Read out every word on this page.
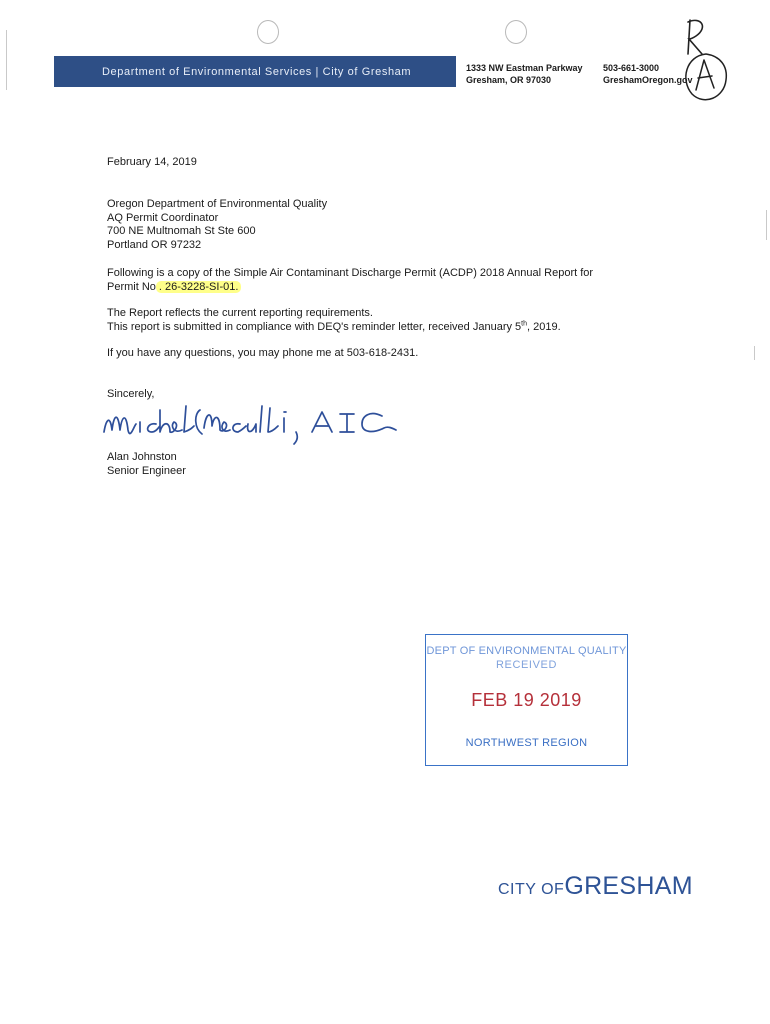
Department of Environmental Services | City of Gresham	1333 NW Eastman Parkway
Gresham, OR 97030
503-661-3000
GreshamOregon.gov
February 14, 2019
Oregon Department of Environmental Quality
AQ Permit Coordinator
700 NE Multnomah St Ste 600
Portland OR 97232
Following is a copy of the Simple Air Contaminant Discharge Permit (ACDP) 2018 Annual Report for
Permit No . 26-3228-SI-01.
The Report reflects the current reporting requirements.
This report is submitted in compliance with DEQ's reminder letter, received January 5th, 2019.
If you have any questions, you may phone me at 503-618-2431.
Sincerely,
Alan Johnston
Senior Engineer
DEPT OF ENVIRONMENTAL QUALITY
RECEIVED
FEB 19 2019
NORTHWEST REGION
CITY OFGRESHAM
